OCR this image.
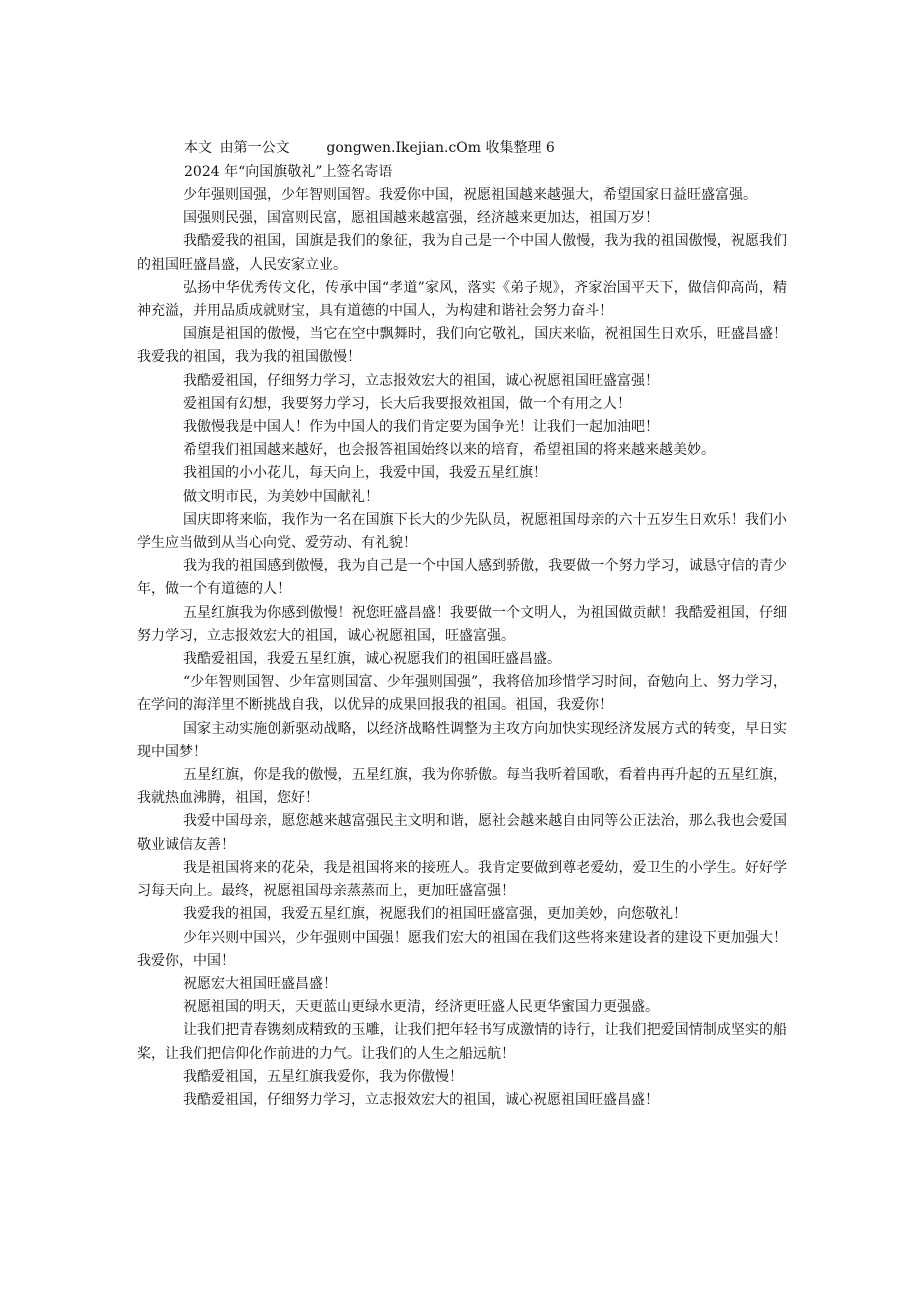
本文	由第一公文	gongwen.Ikejian.cOm 收集整理 6
2024 年“向国旗敬礼”上签名寄语

少年强则国强，少年智则国智。我爱你中国，祝愿祖国越来越强大，希望国家日益旺盛富强。

国强则民强，国富则民富，愿祖国越来越富强，经济越来更加达，祖国万岁！

我酷爱我的祖国，国旗是我们的象征，我为自己是一个中国人傲慢，我为我的祖国傲慢，祝愿我们的祖国旺盛昌盛，人民安家立业。

弘扬中华优秀传文化，传承中国“孝道”家风，落实《弟子规》，齐家治国平天下，做信仰高尚，精神充溢，并用品质成就财宝，具有道德的中国人，为构建和谐社会努力奋斗！

国旗是祖国的傲慢，当它在空中飘舞时，我们向它敬礼，国庆来临，祝祖国生日欢乐，旺盛昌盛！我爱我的祖国，我为我的祖国傲慢！

我酷爱祖国，仔细努力学习，立志报效宏大的祖国，诚心祝愿祖国旺盛富强！

爱祖国有幻想，我要努力学习，长大后我要报效祖国，做一个有用之人！

我傲慢我是中国人！作为中国人的我们肯定要为国争光！让我们一起加油吧！

希望我们祖国越来越好，也会报答祖国始终以来的培育，希望祖国的将来越来越美妙。

我祖国的小小花儿，每天向上，我爱中国，我爱五星红旗！

做文明市民，为美妙中国献礼！

国庆即将来临，我作为一名在国旗下长大的少先队员，祝愿祖国母亲的六十五岁生日欢乐！我们小学生应当做到从当心向党、爱劳动、有礼貌！

我为我的祖国感到傲慢，我为自己是一个中国人感到骄傲，我要做一个努力学习，诚恳守信的青少年，做一个有道德的人！

五星红旗我为你感到傲慢！祝您旺盛昌盛！我要做一个文明人，为祖国做贡献！我酷爱祖国，仔细努力学习，立志报效宏大的祖国，诚心祝愿祖国，旺盛富强。

我酷爱祖国，我爱五星红旗，诚心祝愿我们的祖国旺盛昌盛。

“少年智则国智、少年富则国富、少年强则国强”，我将倍加珍惜学习时间，奋勉向上、努力学习，在学问的海洋里不断挑战自我，以优异的成果回报我的祖国。祖国，我爱你！

国家主动实施创新驱动战略，以经济战略性调整为主攻方向加快实现经济发展方式的转变，早日实现中国梦！

五星红旗，你是我的傲慢，五星红旗，我为你骄傲。每当我听着国歌，看着冉再升起的五星红旗，我就热血沸腾，祖国，您好！

我爱中国母亲，愿您越来越富强民主文明和谐，愿社会越来越自由同等公正法治，那么我也会爱国敬业诚信友善！

我是祖国将来的花朵，我是祖国将来的接班人。我肯定要做到尊老爱幼，爱卫生的小学生。好好学习每天向上。最终，祝愿祖国母亲蒸蒸而上，更加旺盛富强！

我爱我的祖国，我爱五星红旗，祝愿我们的祖国旺盛富强，更加美妙，向您敬礼！

少年兴则中国兴，少年强则中国强！愿我们宏大的祖国在我们这些将来建设者的建设下更加强大！我爱你，中国！

祝愿宏大祖国旺盛昌盛！

祝愿祖国的明天，天更蓝山更绿水更清，经济更旺盛人民更华蜜国力更强盛。

让我们把青春镌刻成精致的玉雕，让我们把年轻书写成激情的诗行，让我们把爱国情制成坚实的船桨，让我们把信仰化作前进的力气。让我们的人生之船远航！

我酷爱祖国，五星红旗我爱你，我为你傲慢！

我酷爱祖国，仔细努力学习，立志报效宏大的祖国，诚心祝愿祖国旺盛昌盛！
